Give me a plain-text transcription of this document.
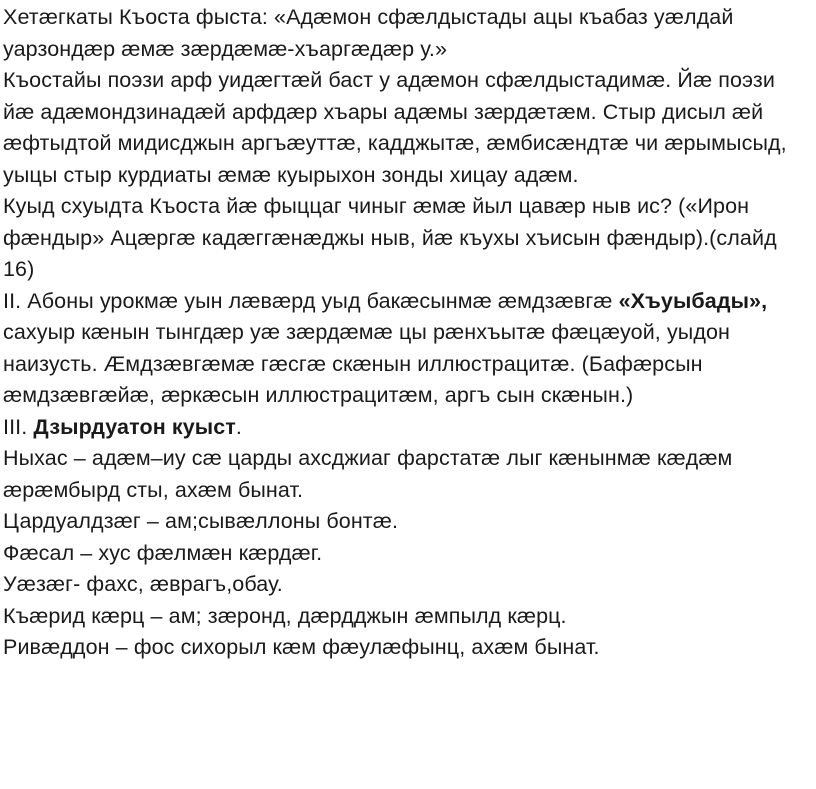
Хетæгкаты Къоста фыста: «Адæмон сфæлдыстады ацы къабаз уæлдай уарзондæр æмæ зæрдæмæ-хъаргæдæр у.»

Къостайы поэзи арф уидæгтæй баст у адæмон сфæлдыстадимæ. Йæ поэзи йæ адæмондзинадæй арфдæр хъары адæмы зæрдæтæм. Стыр дисыл æй æфтыдтой мидисджын аргъæуттæ, кадджытæ, æмбисæндтæ чи æрымысыд, уыцы стыр курдиаты æмæ куырыхон зонды хицау адæм.

Куыд схуыдта Къоста йæ фыццаг чиныг æмæ йыл цавæр ныв ис? («Ирон фæндыр» Ацæргæ кадæггæнæджы ныв, йæ къухы хъисын фæндыр).(слайд 16)

II. Абоны урокмæ уын лæвæрд уыд бакæсынмæ æмдзæвгæ «Хъуыбады», сахуыр кæнын тынгдæр уæ зæрдæмæ цы рæнхъытæ фæцæуой, уыдон наизусть. Æмдзæвгæмæ гæсгæ скæнын иллюстрацитæ. (Бафæрсын æмдзæвгæйæ, æркæсын иллюстрацитæм, аргъ сын скæнын.)

III. Дзырдуатон куыст.

Ныхас – адæм–иу сæ царды ахсджиаг фарстатæ лыг кæнынмæ кæдæм æрæмбырд сты, ахæм бынат.

Цардуалдзæг – ам;сывæллоны бонтæ.

Фæсал – хус фæлмæн кæрдæг.

Уæзæг- фахс, æврагъ,обау.

Къæрид кæрц – ам; зæронд, дæрдджын æмпылд кæрц.

Ривæддон – фос сихорыл кæм фæулæфынц, ахæм бынат.
